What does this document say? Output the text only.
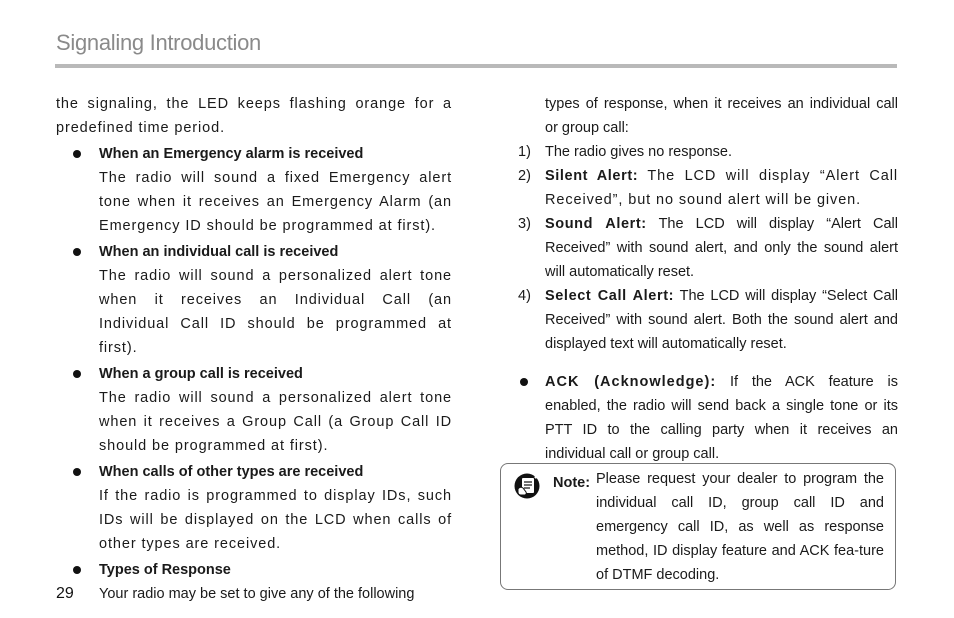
Signaling Introduction

the signaling, the LED keeps flashing orange for a predefined time period.

When an Emergency alarm is received
The radio will sound a fixed Emergency alert tone when it receives an Emergency Alarm (an Emergency ID should be programmed at first).
When an individual call is received
The radio will sound a personalized alert tone when it receives an Individual Call (an Individual Call ID should be programmed at first).
When a group call is received
The radio will sound a personalized alert tone when it receives a Group Call (a Group Call ID should be programmed at first).
When calls of other types are received
If the radio is programmed to display IDs, such IDs will be displayed on the LCD when calls of other types are received.
Types of Response
Your radio may be set to give any of the following

types of response, when it receives an individual call or group call:

1) The radio gives no response.
2) Silent Alert: The LCD will display “Alert Call Received”, but no sound alert will be given.
3) Sound Alert: The LCD will display “Alert Call Received” with sound alert, and only the sound alert will automatically reset.
4) Select Call Alert: The LCD will display “Select Call Received” with sound alert. Both the sound alert and displayed text will automatically reset.
ACK (Acknowledge): If the ACK feature is enabled, the radio will send back a single tone or its PTT ID to the calling party when it receives an individual call or group call.
Note: Please request your dealer to program the individual call ID, group call ID and emergency call ID, as well as response method, ID display feature and ACK fea-ture of DTMF decoding.
29
